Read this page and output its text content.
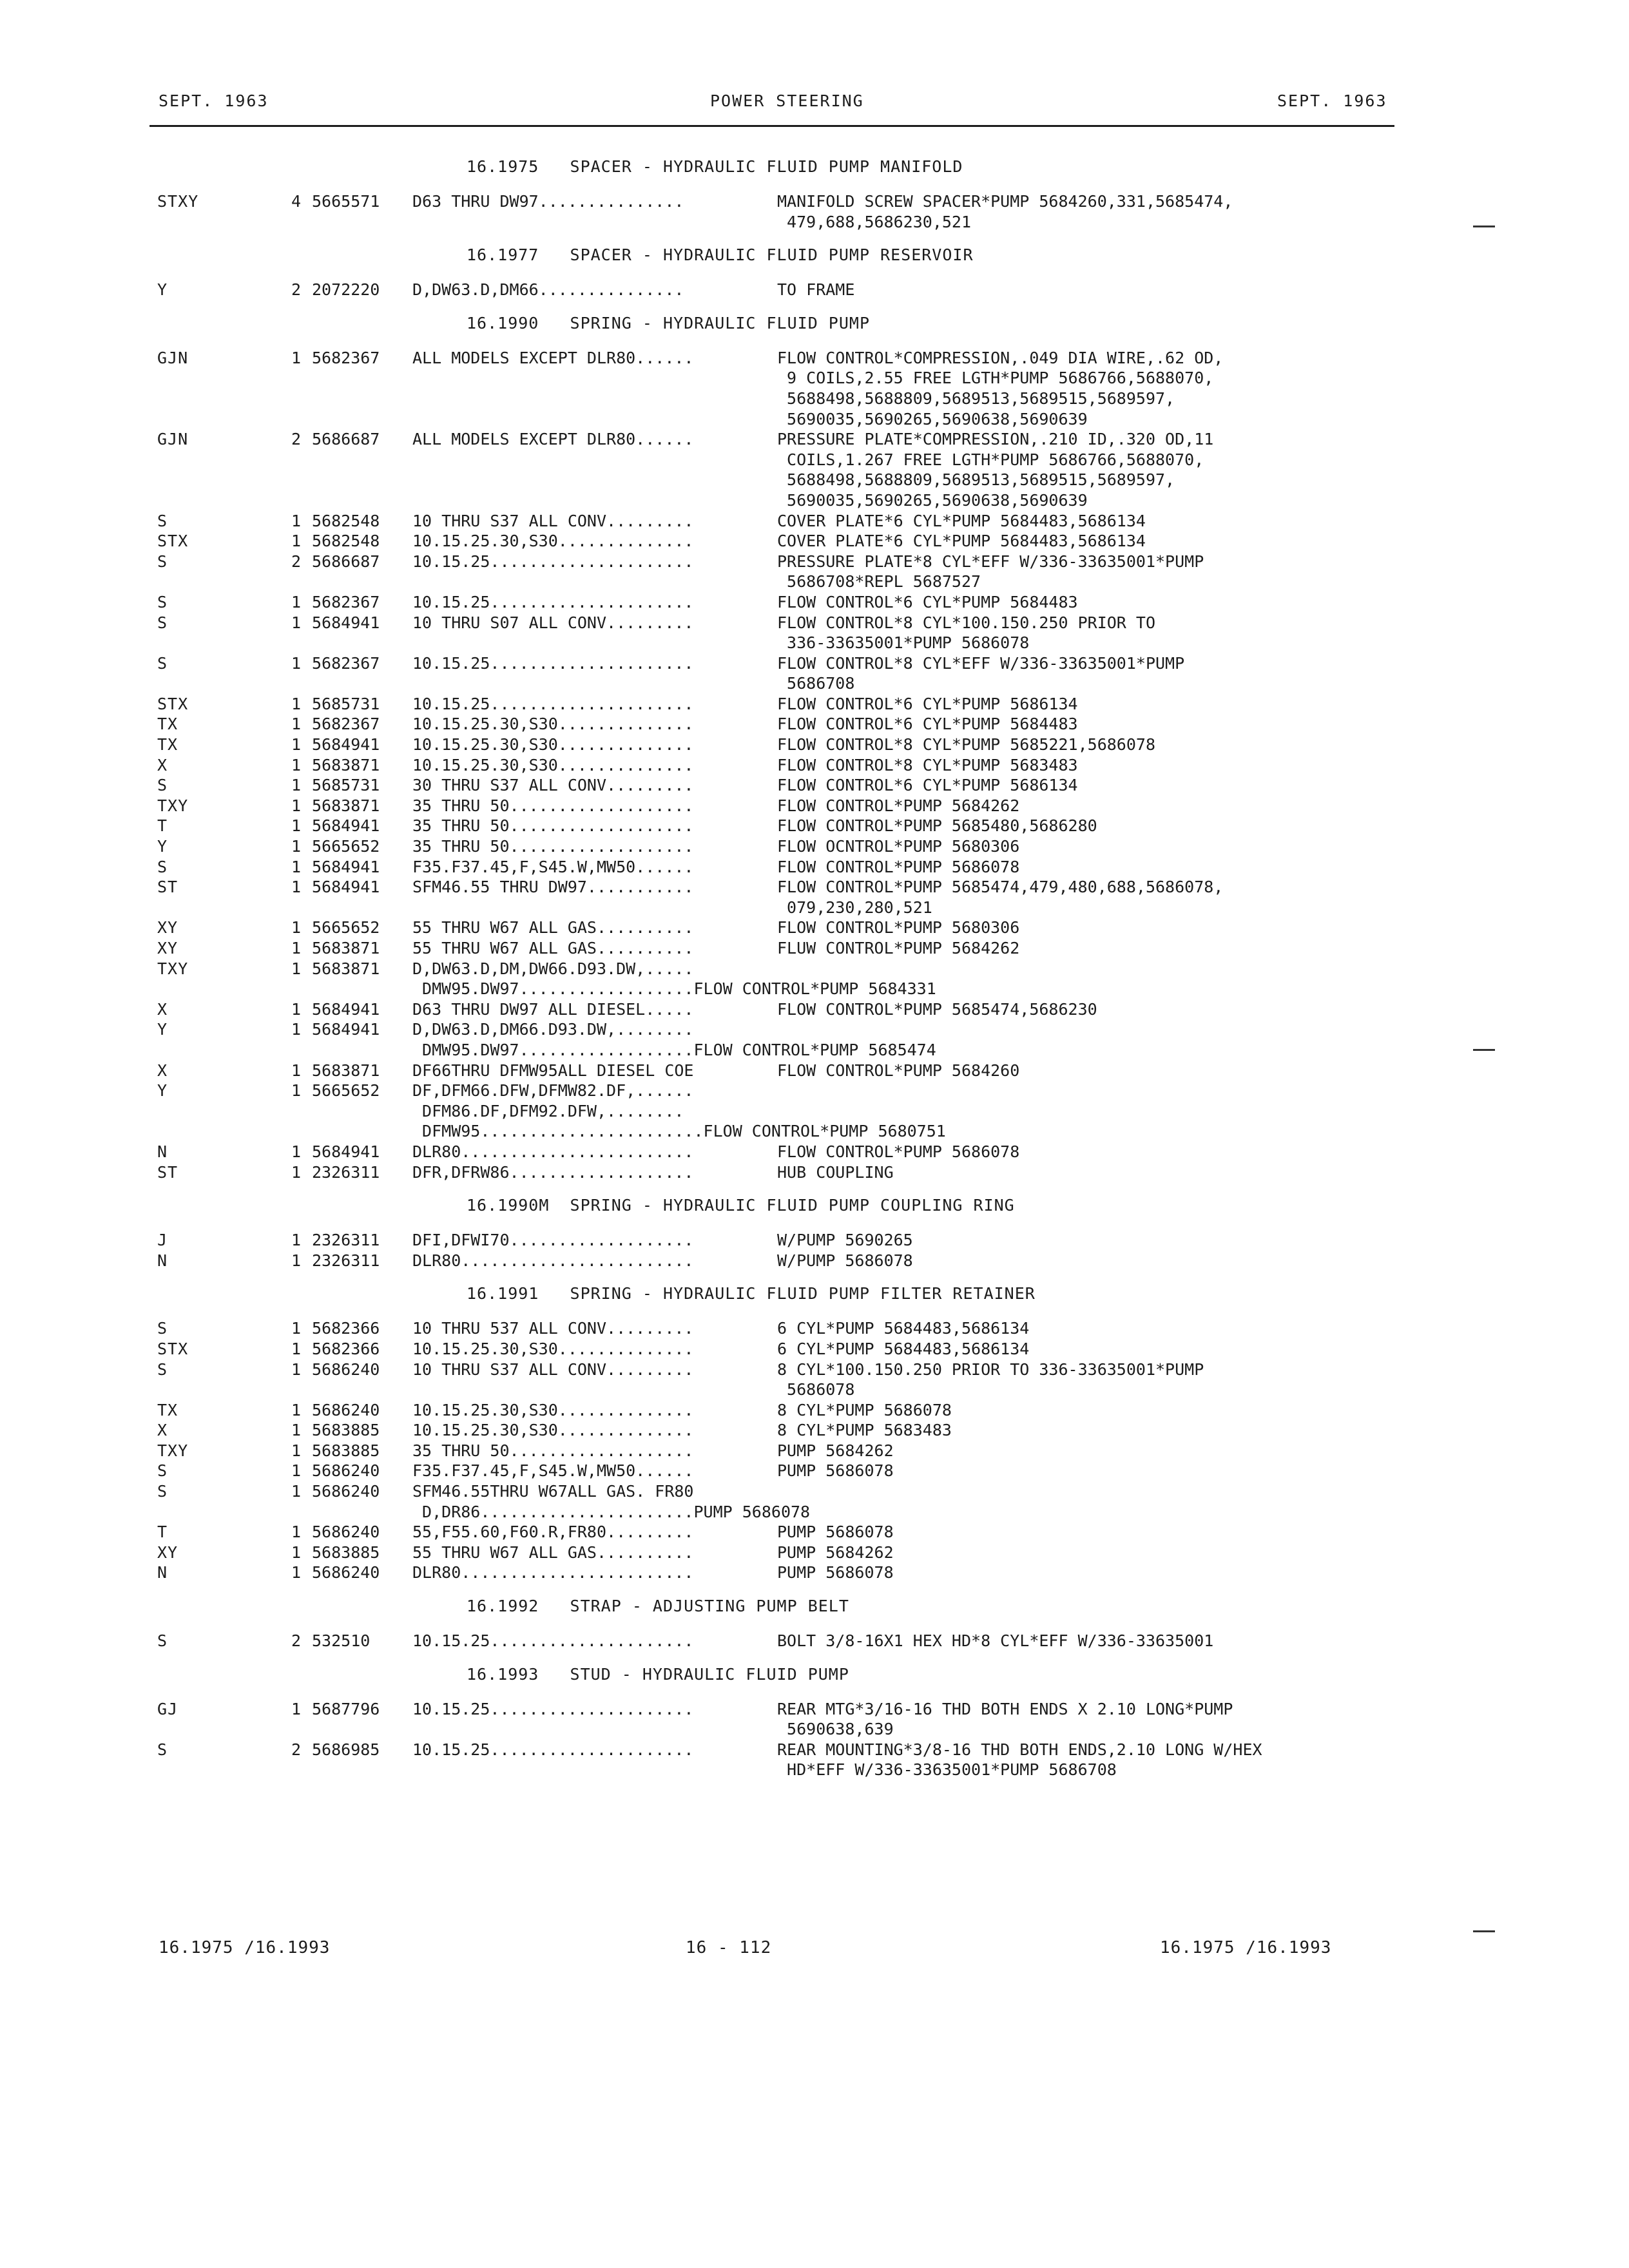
SEPT. 1963	POWER STEERING	SEPT. 1963
16.1975   SPACER - HYDRAULIC FLUID PUMP MANIFOLD
STXY	4 5665571 D63 THRU DW97...............	MANIFOLD SCREW SPACER*PUMP 5684260,331,5685474,
479,688,5686230,521
16.1977   SPACER - HYDRAULIC FLUID PUMP RESERVOIR
Y	2 2072220 D,DW63.D,DM66...............	TO FRAME
16.1990   SPRING - HYDRAULIC FLUID PUMP
GJN	1 5682367 ALL MODELS EXCEPT DLR80......	FLOW CONTROL*COMPRESSION,.049 DIA WIRE,.62 OD,
9 COILS,2.55 FREE LGTH*PUMP 5686766,5688070,
5688498,5688809,5689513,5689515,5689597,
5690035,5690265,5690638,5690639
GJN	2 5686687 ALL MODELS EXCEPT DLR80......	PRESSURE PLATE*COMPRESSION,.210 ID,.320 OD,11
COILS,1.267 FREE LGTH*PUMP 5686766,5688070,
5688498,5688809,5689513,5689515,5689597,
5690035,5690265,5690638,5690639
S	1 5682548 10 THRU S37 ALL CONV.........	COVER PLATE*6 CYL*PUMP 5684483,5686134
STX	1 5682548 10.15.25.30,S30..............	COVER PLATE*6 CYL*PUMP 5684483,5686134
S	2 5686687 10.15.25.....................	PRESSURE PLATE*8 CYL*EFF W/336-33635001*PUMP
5686708*REPL 5687527
S	1 5682367 10.15.25.....................	FLOW CONTROL*6 CYL*PUMP 5684483
S	1 5684941 10 THRU S07 ALL CONV.........	FLOW CONTROL*8 CYL*100.150.250 PRIOR TO
336-33635001*PUMP 5686078
S	1 5682367 10.15.25.....................	FLOW CONTROL*8 CYL*EFF W/336-33635001*PUMP
5686708
STX	1 5685731 10.15.25.....................	FLOW CONTROL*6 CYL*PUMP 5686134
TX	1 5682367 10.15.25.30,S30..............	FLOW CONTROL*6 CYL*PUMP 5684483
TX	1 5684941 10.15.25.30,S30..............	FLOW CONTROL*8 CYL*PUMP 5685221,5686078
X	1 5683871 10.15.25.30,S30..............	FLOW CONTROL*8 CYL*PUMP 5683483
S	1 5685731 30 THRU S37 ALL CONV.........	FLOW CONTROL*6 CYL*PUMP 5686134
TXY	1 5683871 35 THRU 50...................	FLOW CONTROL*PUMP 5684262
T	1 5684941 35 THRU 50...................	FLOW CONTROL*PUMP 5685480,5686280
Y	1 5665652 35 THRU 50...................	FLOW OCNTROL*PUMP 5680306
S	1 5684941 F35.F37.45,F,S45.W,MW50......	FLOW CONTROL*PUMP 5686078
ST	1 5684941 SFM46.55 THRU DW97...........	FLOW CONTROL*PUMP 5685474,479,480,688,5686078,
079,230,280,521
XY	1 5665652 55 THRU W67 ALL GAS..........	FLOW CONTROL*PUMP 5680306
XY	1 5683871 55 THRU W67 ALL GAS..........	FLUW CONTROL*PUMP 5684262
TXY	1 5683871 D,DW63.D,DM,DW66.D93.DW,.....
DMW95.DW97..................FLOW CONTROL*PUMP 5684331
X	1 5684941 D63 THRU DW97 ALL DIESEL.....	FLOW CONTROL*PUMP 5685474,5686230
Y	1 5684941 D,DW63.D,DM66.D93.DW,........
DMW95.DW97..................FLOW CONTROL*PUMP 5685474
X	1 5683871 DF66THRU DFMW95ALL DIESEL COE	FLOW CONTROL*PUMP 5684260
Y	1 5665652 DF,DFM66.DFW,DFMW82.DF,......
DFM86.DF,DFM92.DFW,........
DFMW95.......................FLOW CONTROL*PUMP 5680751
N	1 5684941 DLR80........................	FLOW CONTROL*PUMP 5686078
ST	1 2326311 DFR,DFRW86...................	HUB COUPLING
16.1990M  SPRING - HYDRAULIC FLUID PUMP COUPLING RING
J	1 2326311 DFI,DFWI70...................	W/PUMP 5690265
N	1 2326311 DLR80........................	W/PUMP 5686078
16.1991   SPRING - HYDRAULIC FLUID PUMP FILTER RETAINER
S	1 5682366 10 THRU 537 ALL CONV.........	6 CYL*PUMP 5684483,5686134
STX	1 5682366 10.15.25.30,S30..............	6 CYL*PUMP 5684483,5686134
S	1 5686240 10 THRU S37 ALL CONV.........	8 CYL*100.150.250 PRIOR TO 336-33635001*PUMP
5686078
TX	1 5686240 10.15.25.30,S30..............	8 CYL*PUMP 5686078
X	1 5683885 10.15.25.30,S30..............	8 CYL*PUMP 5683483
TXY	1 5683885 35 THRU 50...................	PUMP 5684262
S	1 5686240 F35.F37.45,F,S45.W,MW50......	PUMP 5686078
S	1 5686240 SFM46.55THRU W67ALL GAS. FR80
D,DR86......................PUMP 5686078
T	1 5686240 55,F55.60,F60.R,FR80.........	PUMP 5686078
XY	1 5683885 55 THRU W67 ALL GAS..........	PUMP 5684262
N	1 5686240 DLR80........................	PUMP 5686078
16.1992   STRAP - ADJUSTING PUMP BELT
S	2 532510	10.15.25.....................	BOLT 3/8-16X1 HEX HD*8 CYL*EFF W/336-33635001
16.1993   STUD - HYDRAULIC FLUID PUMP
GJ	1 5687796 10.15.25.....................	REAR MTG*3/16-16 THD BOTH ENDS X 2.10 LONG*PUMP
5690638,639
S	2 5686985 10.15.25.....................	REAR MOUNTING*3/8-16 THD BOTH ENDS,2.10 LONG W/HEX
HD*EFF W/336-33635001*PUMP 5686708
16.1975 /16.1993	16 - 112	16.1975 /16.1993
